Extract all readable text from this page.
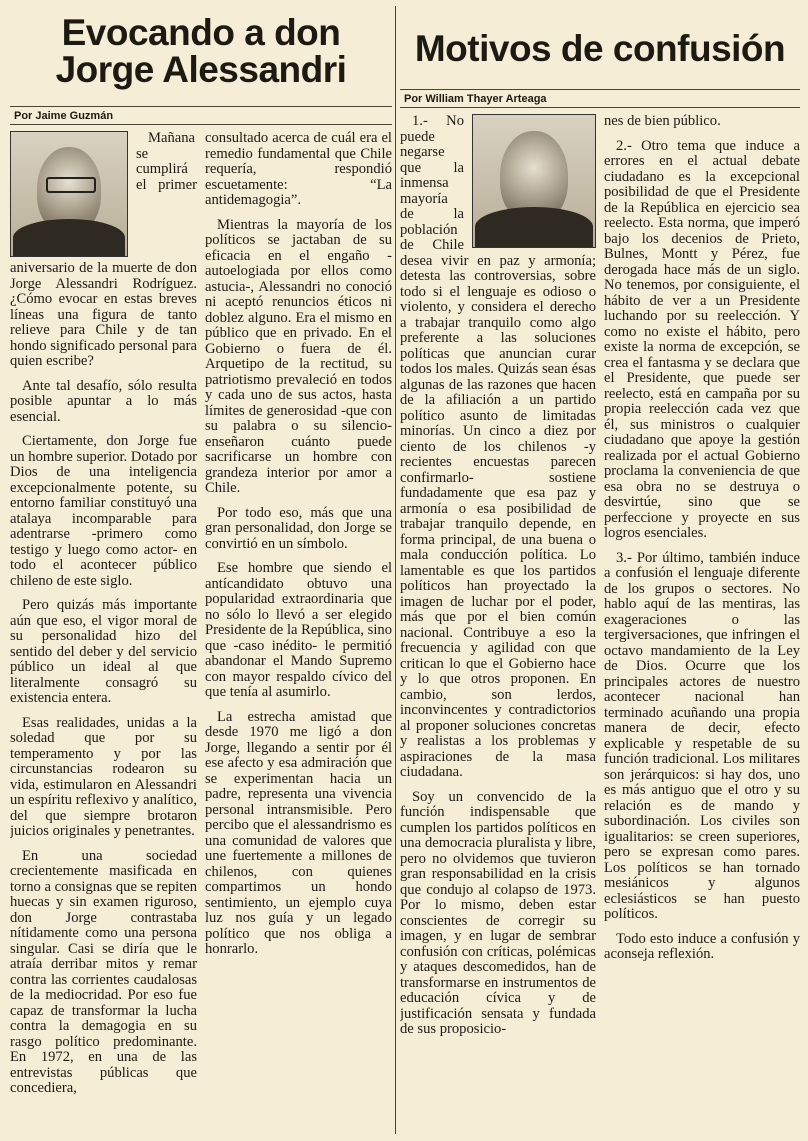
Evocando a don
Jorge Alessandri
Por Jaime Guzmán

Mañana se cumplirá el primer aniversario de la muerte de don Jorge Alessandri Rodríguez. ¿Cómo evocar en estas breves líneas una figura de tanto relieve para Chile y de tan hondo significado personal para quien escribe?

Ante tal desafío, sólo resulta posible apuntar a lo más esencial.

Ciertamente, don Jorge fue un hombre superior. Dotado por Dios de una inteligencia excepcionalmente potente, su entorno familiar constituyó una atalaya incomparable para adentrarse -primero como testigo y luego como actor- en todo el acontecer público chileno de este siglo.

Pero quizás más importante aún que eso, el vigor moral de su personalidad hizo del sentido del deber y del servicio público un ideal al que literalmente consagró su existencia entera.

Esas realidades, unidas a la soledad que por su temperamento y por las circunstancias rodearon su vida, estimularon en Alessandri un espíritu reflexivo y analítico, del que siempre brotaron juicios originales y penetrantes.

En una sociedad crecientemente masificada en torno a consignas que se repiten huecas y sin examen riguroso, don Jorge contrastaba nítidamente como una persona singular. Casi se diría que le atraía derribar mitos y remar contra las corrientes caudalosas de la mediocridad. Por eso fue capaz de transformar la lucha contra la demagogia en su rasgo político predominante. En 1972, en una de las entrevistas públicas que concediera,

consultado acerca de cuál era el remedio fundamental que Chile requería, respondió escuetamente: “La antidemagogia”.

Mientras la mayoría de los políticos se jactaban de su eficacia en el engaño -autoelogiada por ellos como astucia-, Alessandri no conoció ni aceptó renuncios éticos ni doblez alguno. Era el mismo en público que en privado. En el Gobierno o fuera de él. Arquetipo de la rectitud, su patriotismo prevaleció en todos y cada uno de sus actos, hasta límites de generosidad -que con su palabra o su silencio- enseñaron cuánto puede sacrificarse un hombre con grandeza interior por amor a Chile.

Por todo eso, más que una gran personalidad, don Jorge se convirtió en un símbolo.

Ese hombre que siendo el antícandidato obtuvo una popularidad extraordinaria que no sólo lo llevó a ser elegido Presidente de la República, sino que -caso inédito- le permitió abandonar el Mando Supremo con mayor respaldo cívico del que tenía al asumirlo.

La estrecha amistad que desde 1970 me ligó a don Jorge, llegando a sentir por él ese afecto y esa admiración que se experimentan hacia un padre, representa una vivencia personal intransmisible. Pero percibo que el alessandrismo es una comunidad de valores que une fuertemente a millones de chilenos, con quienes compartimos un hondo sentimiento, un ejemplo cuya luz nos guía y un legado político que nos obliga a honrarlo.

Motivos de confusión
Por William Thayer Arteaga

1.- No puede negarse que la inmensa mayoría de la población de Chile desea vivir en paz y armonía; detesta las controversias, sobre todo si el lenguaje es odioso o violento, y considera el derecho a trabajar tranquilo como algo preferente a las soluciones políticas que anuncian curar todos los males. Quizás sean ésas algunas de las razones que hacen de la afiliación a un partido político asunto de limitadas minorías. Un cinco a diez por ciento de los chilenos -y recientes encuestas parecen confirmarlo- sostiene fundadamente que esa paz y armonía o esa posibilidad de trabajar tranquilo depende, en forma principal, de una buena o mala conducción política. Lo lamentable es que los partidos políticos han proyectado la imagen de luchar por el poder, más que por el bien común nacional. Contribuye a eso la frecuencia y agilidad con que critican lo que el Gobierno hace y lo que otros proponen. En cambio, son lerdos, inconvincentes y contradictorios al proponer soluciones concretas y realistas a los problemas y aspiraciones de la masa ciudadana.

Soy un convencido de la función indispensable que cumplen los partidos políticos en una democracia pluralista y libre, pero no olvidemos que tuvieron gran responsabilidad en la crisis que condujo al colapso de 1973. Por lo mismo, deben estar conscientes de corregir su imagen, y en lugar de sembrar confusión con críticas, polémicas y ataques descomedidos, han de transformarse en instrumentos de educación cívica y de justificación sensata y fundada de sus proposicio-

nes de bien público.

2.- Otro tema que induce a errores en el actual debate ciudadano es la excepcional posibilidad de que el Presidente de la República en ejercicio sea reelecto. Esta norma, que imperó bajo los decenios de Prieto, Bulnes, Montt y Pérez, fue derogada hace más de un siglo. No tenemos, por consiguiente, el hábito de ver a un Presidente luchando por su reelección. Y como no existe el hábito, pero existe la norma de excepción, se crea el fantasma y se declara que el Presidente, que puede ser reelecto, está en campaña por su propia reelección cada vez que él, sus ministros o cualquier ciudadano que apoye la gestión realizada por el actual Gobierno proclama la conveniencia de que esa obra no se destruya o desvirtúe, sino que se perfeccione y proyecte en sus logros esenciales.

3.- Por último, también induce a confusión el lenguaje diferente de los grupos o sectores. No hablo aquí de las mentiras, las exageraciones o las tergiversaciones, que infringen el octavo mandamiento de la Ley de Dios. Ocurre que los principales actores de nuestro acontecer nacional han terminado acuñando una propia manera de decir, efecto explicable y respetable de su función tradicional. Los militares son jerárquicos: si hay dos, uno es más antiguo que el otro y su relación es de mando y subordinación. Los civiles son igualitarios: se creen superiores, pero se expresan como pares. Los políticos se han tornado mesiánicos y algunos eclesiásticos se han puesto políticos.

Todo esto induce a confusión y aconseja reflexión.
